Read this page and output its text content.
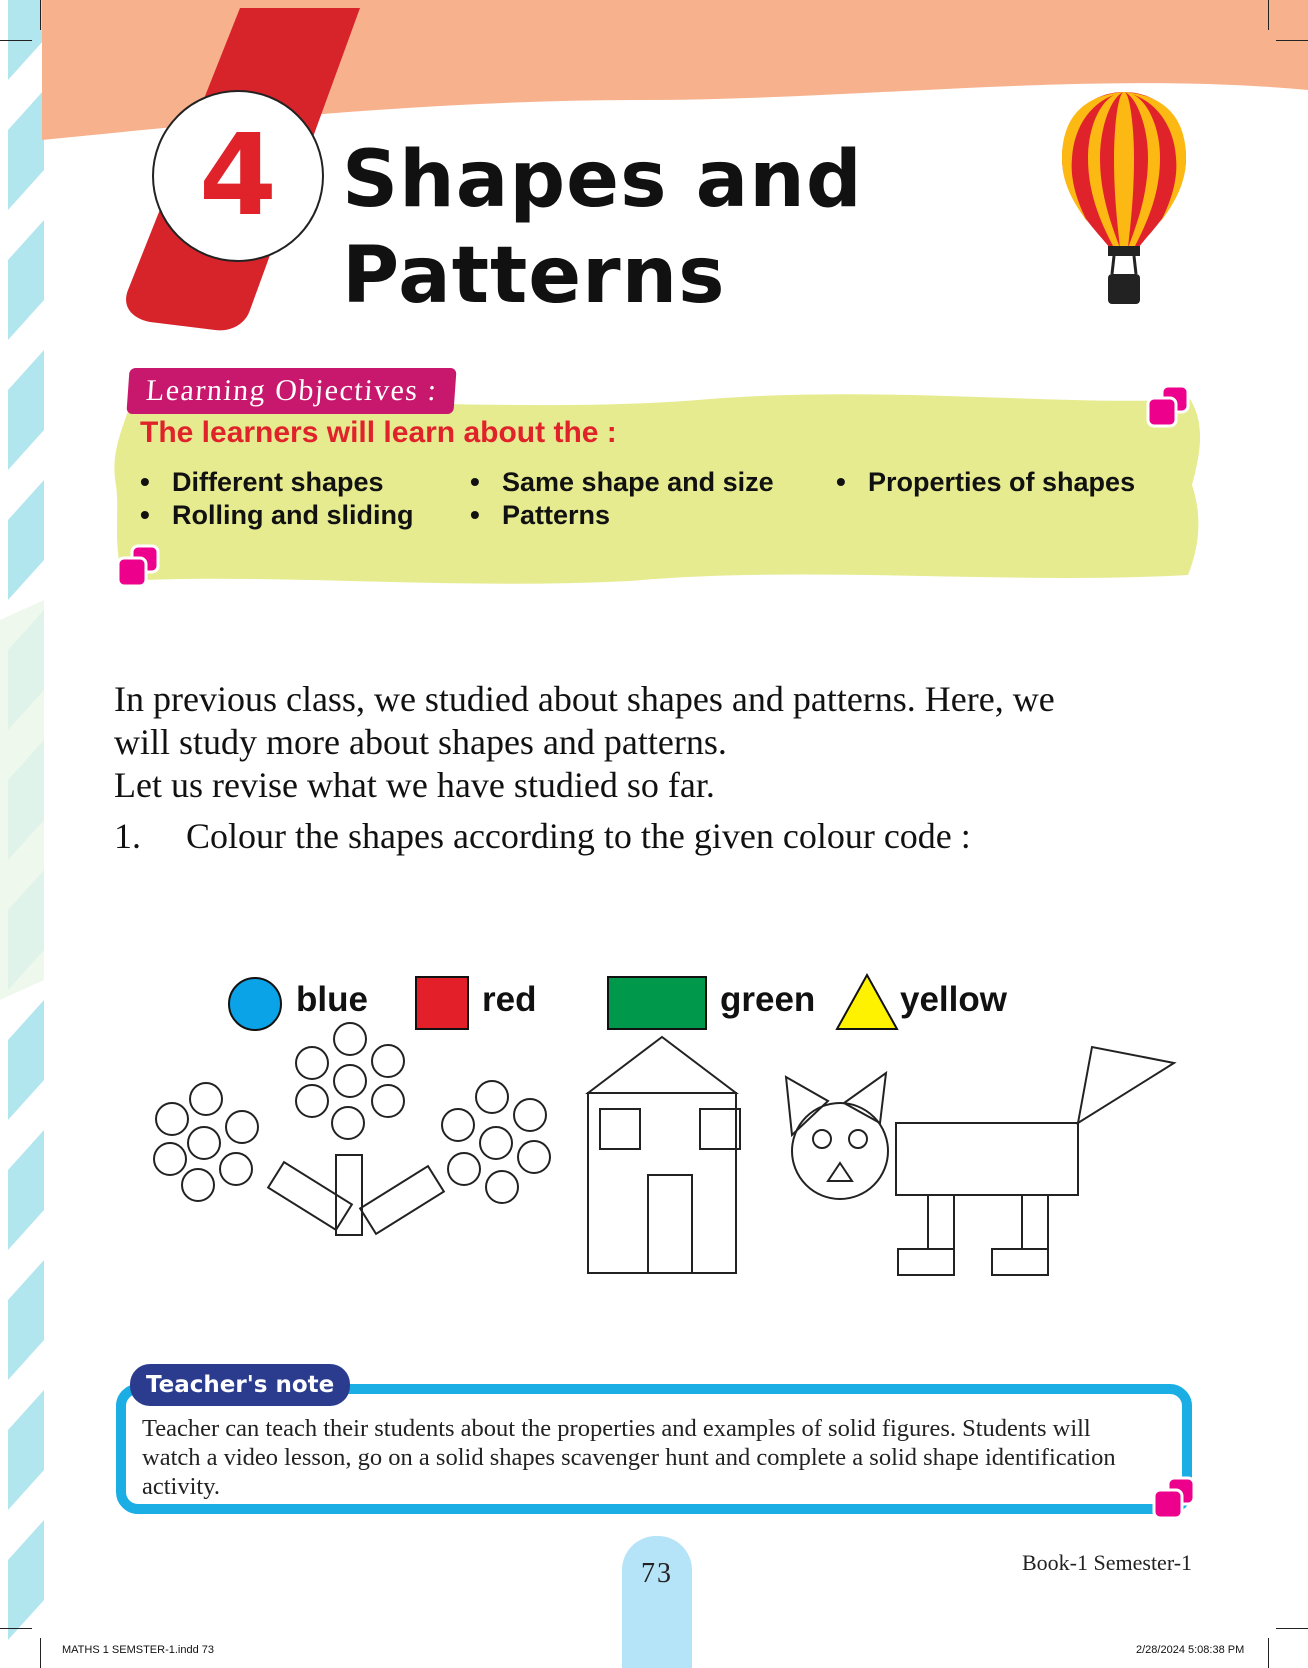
4 Shapes and
Patterns
Learning Objectives :
The learners will learn about the :
• Different shapes	• Same shape and size	• Properties of shapes
• Rolling and sliding	• Patterns
In previous class, we studied about shapes and patterns. Here, we
will study more about shapes and patterns.
Let us revise what we have studied so far.
1. Colour the shapes according to the given colour code :
blue	red	green yellow
Teacher's note
Teacher can teach their students about the properties and examples of solid figures. Students will
watch a video lesson, go on a solid shapes scavenger hunt and complete a solid shape identification
activity.
73	Book-1 Semester-1
MATHS 1 SEMSTER-1.indd 73	2/28/2024 5:08:38 PM
